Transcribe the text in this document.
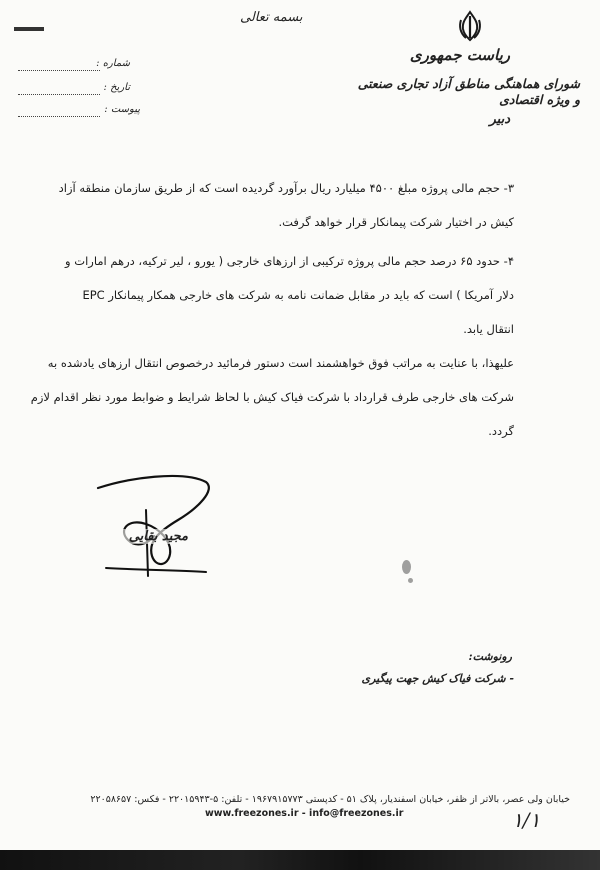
بسمه تعالی
ریاست جمهوری
شورای هماهنگی مناطق آزاد تجاری صنعتی و ویژه اقتصادی
دبیر
شماره :
تاریخ :
پیوست :
۳- حجم مالی پروژه مبلغ ۴۵۰۰ میلیارد ریال برآورد گردیده است که از طریق سازمان منطقه آزاد
کیش در اختیار شرکت پیمانکار قرار خواهد گرفت.
۴- حدود ۶۵ درصد حجم مالی پروژه ترکیبی از ارزهای خارجی ( یورو ، لیر ترکیه، درهم امارات و
دلار آمریکا ) است که باید در مقابل ضمانت نامه به شرکت های خارجی همکار پیمانکار EPC
انتقال یابد.
علیهذا، با عنایت به مراتب فوق خواهشمند است دستور فرمائید درخصوص انتقال ارزهای یادشده به
شرکت های خارجی طرف قرارداد با شرکت فیاک کیش با لحاظ شرایط و ضوابط مورد نظر اقدام لازم
گردد.
مجید بقایی
رونوشت:
- شرکت فیاک کیش جهت پیگیری
خیابان ولی عصر، بالاتر از ظفر، خیابان اسفندیار، پلاک ۵۱ - کدپستی ۱۹۶۷۹۱۵۷۷۳ - تلفن: ۵-۲۲۰۱۵۹۴۳ - فکس: ۲۲۰۵۸۶۵۷
www.freezones.ir - info@freezones.ir	۱/۱
